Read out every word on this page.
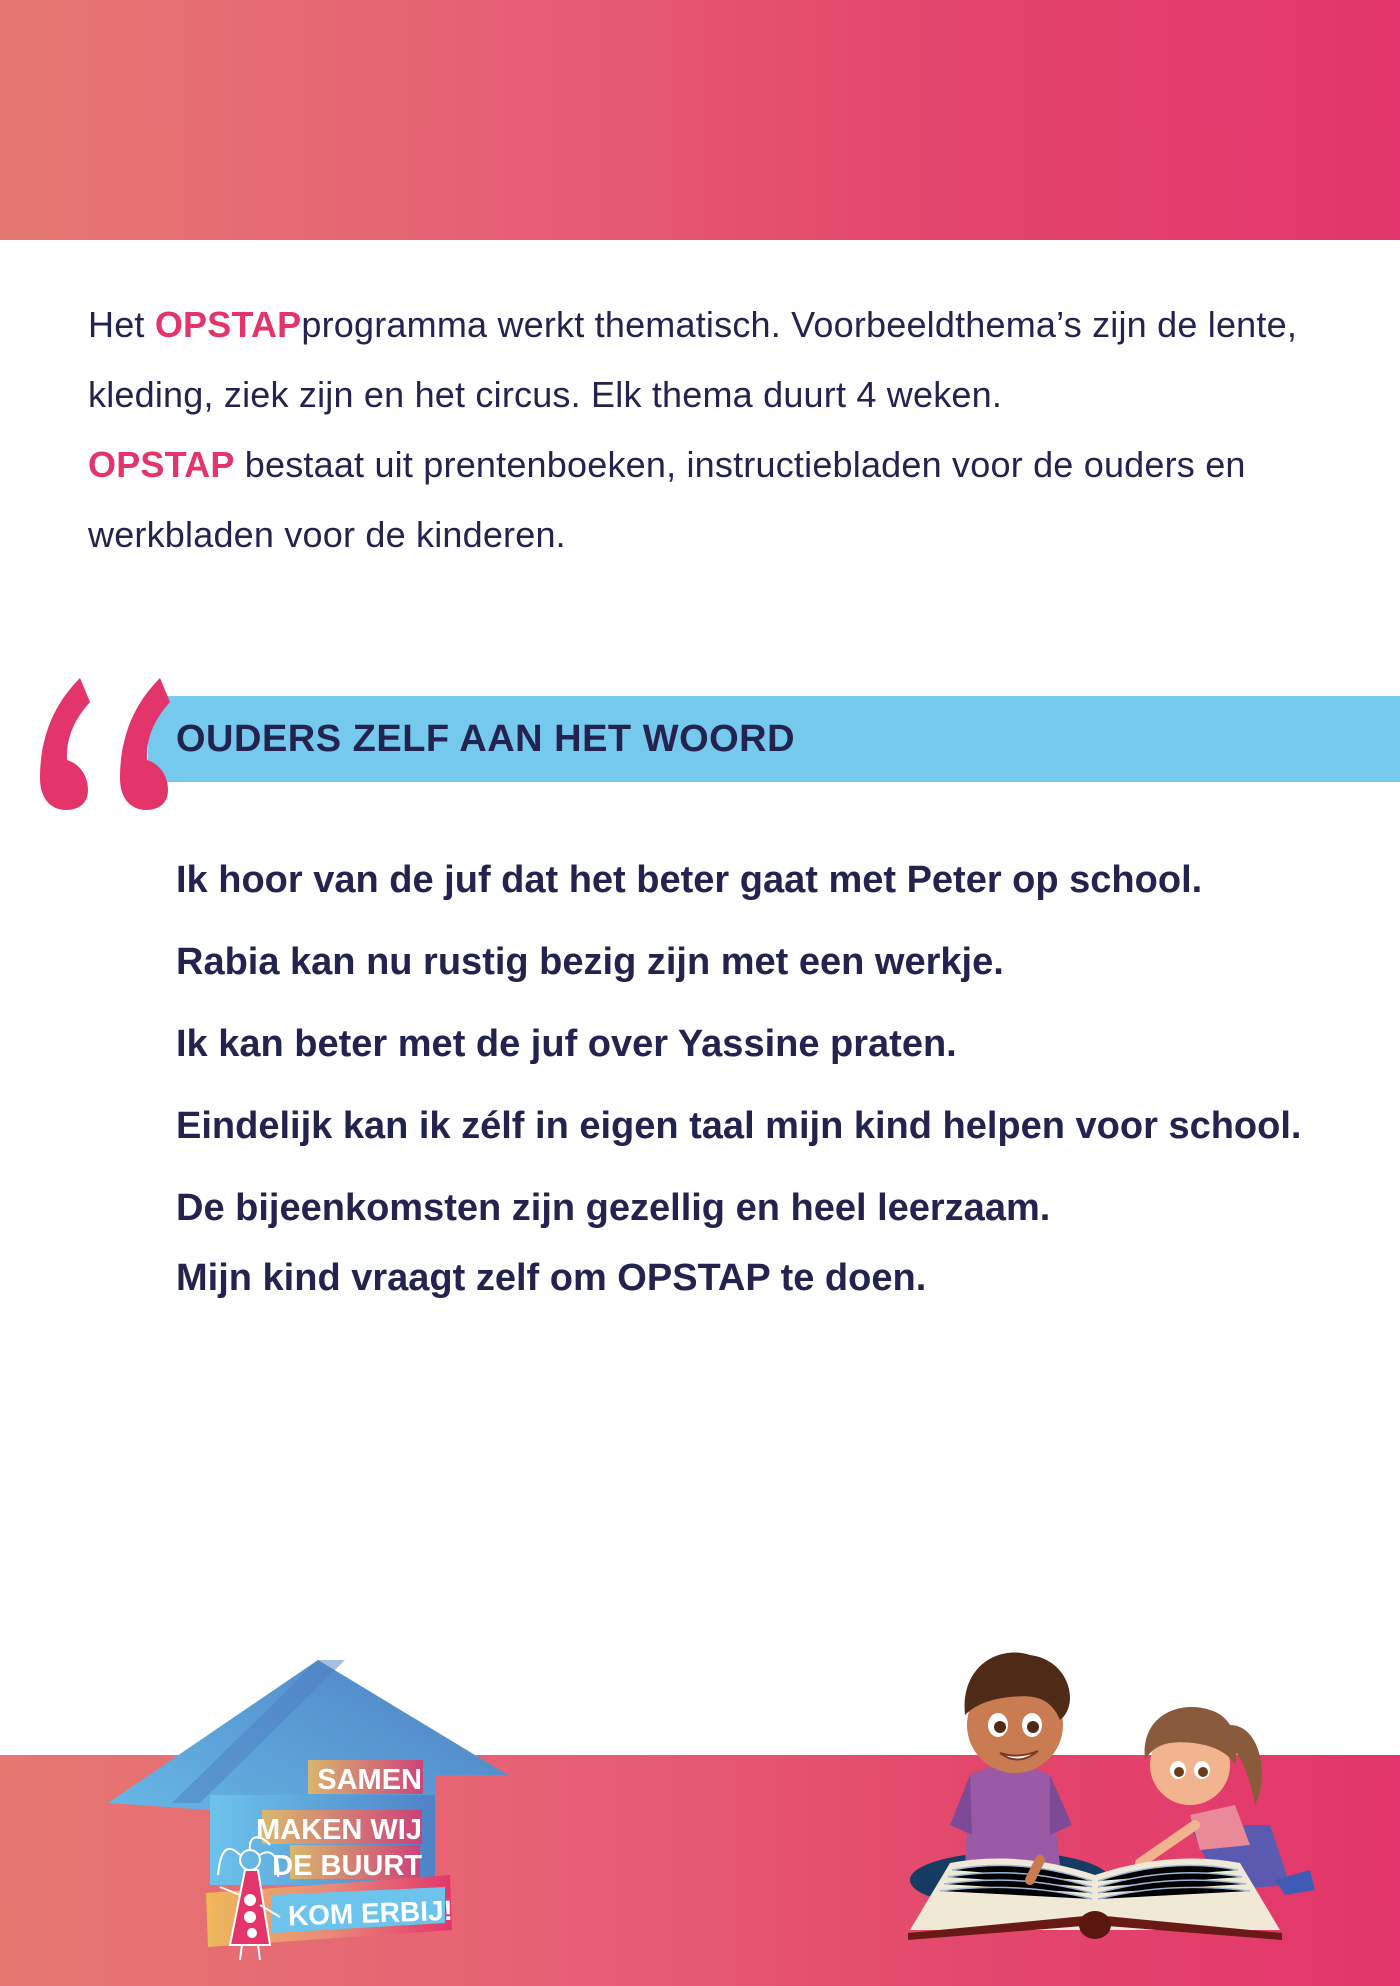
Het OPSTAPprogramma werkt thematisch. Voorbeeldthema’s zijn de lente, kleding, ziek zijn en het circus. Elk thema duurt 4 weken.
OPSTAP bestaat uit prentenboeken, instructiebladen voor de ouders en werkbladen voor de kinderen.
OUDERS ZELF AAN HET WOORD

Ik hoor van de juf dat het beter gaat met Peter op school.

Rabia kan nu rustig bezig zijn met een werkje.

Ik kan beter met de juf over Yassine praten.

Eindelijk kan ik zélf in eigen taal mijn kind helpen voor school.

De bijeenkomsten zijn gezellig en heel leerzaam.

Mijn kind vraagt zelf om OPSTAP te doen.

SAMEN
MAKEN WIJ
DE BUURT
KOM ERBIJ!
